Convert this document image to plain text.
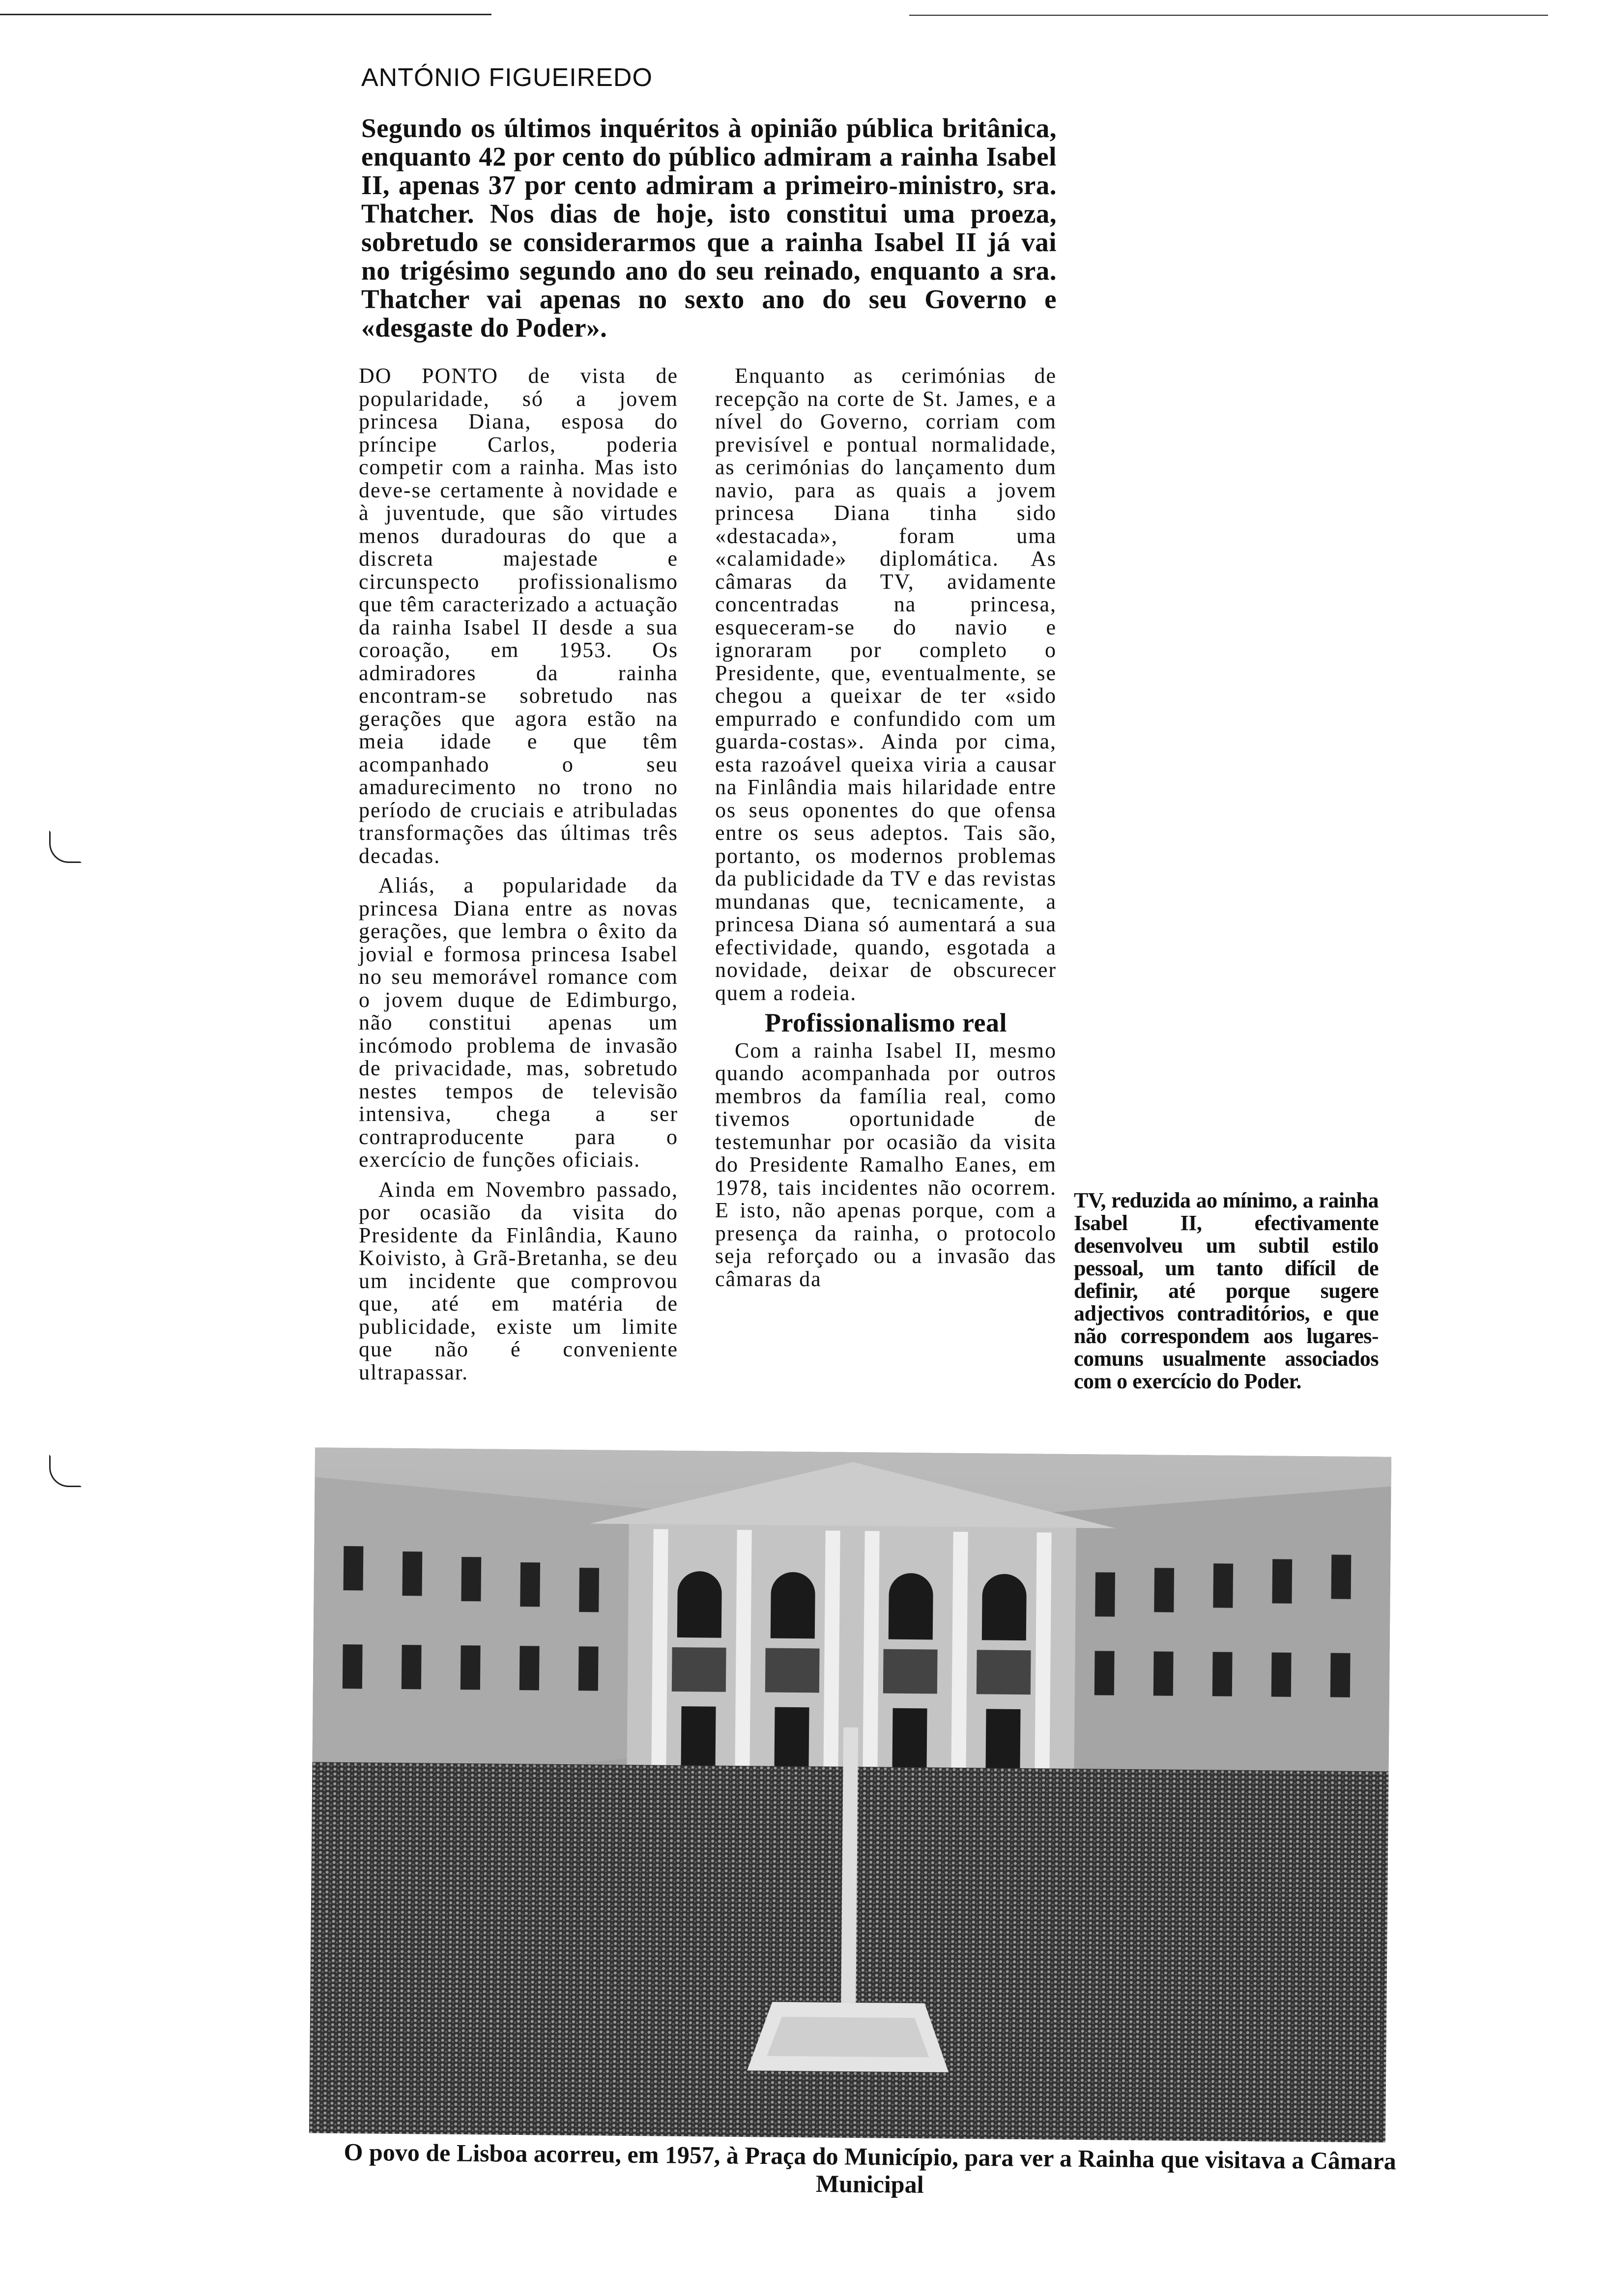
ANTÓNIO FIGUEIREDO
Segundo os últimos inquéritos à opinião pública britânica, enquanto 42 por cento do público admiram a rainha Isabel II, apenas 37 por cento admiram a primeiro-ministro, sra. Thatcher. Nos dias de hoje, isto constitui uma proeza, sobretudo se considerarmos que a rainha Isabel II já vai no trigésimo segundo ano do seu reinado, enquanto a sra. Thatcher vai apenas no sexto ano do seu Governo e «desgaste do Poder».

DO PONTO de vista de popularidade, só a jovem princesa Diana, esposa do príncipe Carlos, poderia competir com a rainha. Mas isto deve-se certamente à novidade e à juventude, que são virtudes menos duradouras do que a discreta majestade e circunspecto profissionalismo que têm caracterizado a actuação da rainha Isabel II desde a sua coroação, em 1953. Os admiradores da rainha encontram-se sobretudo nas gerações que agora estão na meia idade e que têm acompanhado o seu amadurecimento no trono no período de cruciais e atribuladas transformações das últimas três decadas.

Aliás, a popularidade da princesa Diana entre as novas gerações, que lembra o êxito da jovial e formosa princesa Isabel no seu memorável romance com o jovem duque de Edimburgo, não constitui apenas um incómodo problema de invasão de privacidade, mas, sobretudo nestes tempos de televisão intensiva, chega a ser contraproducente para o exercício de funções oficiais.

Ainda em Novembro passado, por ocasião da visita do Presidente da Finlândia, Kauno Koivisto, à Grã-Bretanha, se deu um incidente que comprovou que, até em matéria de publicidade, existe um limite que não é conveniente ultrapassar.

Enquanto as cerimónias de recepção na corte de St. James, e a nível do Governo, corriam com previsível e pontual normalidade, as cerimónias do lançamento dum navio, para as quais a jovem princesa Diana tinha sido «destacada», foram uma «calamidade» diplomática. As câmaras da TV, avidamente concentradas na princesa, esqueceram-se do navio e ignoraram por completo o Presidente, que, eventualmente, se chegou a queixar de ter «sido empurrado e confundido com um guarda-costas». Ainda por cima, esta razoável queixa viria a causar na Finlândia mais hilaridade entre os seus oponentes do que ofensa entre os seus adeptos. Tais são, portanto, os modernos problemas da publicidade da TV e das revistas mundanas que, tecnicamente, a princesa Diana só aumentará a sua efectividade, quando, esgotada a novidade, deixar de obscurecer quem a rodeia.

Profissionalismo real

Com a rainha Isabel II, mesmo quando acompanhada por outros membros da família real, como tivemos oportunidade de testemunhar por ocasião da visita do Presidente Ramalho Eanes, em 1978, tais incidentes não ocorrem. E isto, não apenas porque, com a presença da rainha, o protocolo seja reforçado ou a invasão das câmaras da

TV, reduzida ao mínimo, a rainha Isabel II, efectivamente desenvolveu um subtil estilo pessoal, um tanto difícil de definir, até porque sugere adjectivos contraditórios, e que não correspondem aos lugares-comuns usualmente associados com o exercício do Poder.

O povo de Lisboa acorreu, em 1957, à Praça do Município, para ver a Rainha que visitava a Câmara Municipal
